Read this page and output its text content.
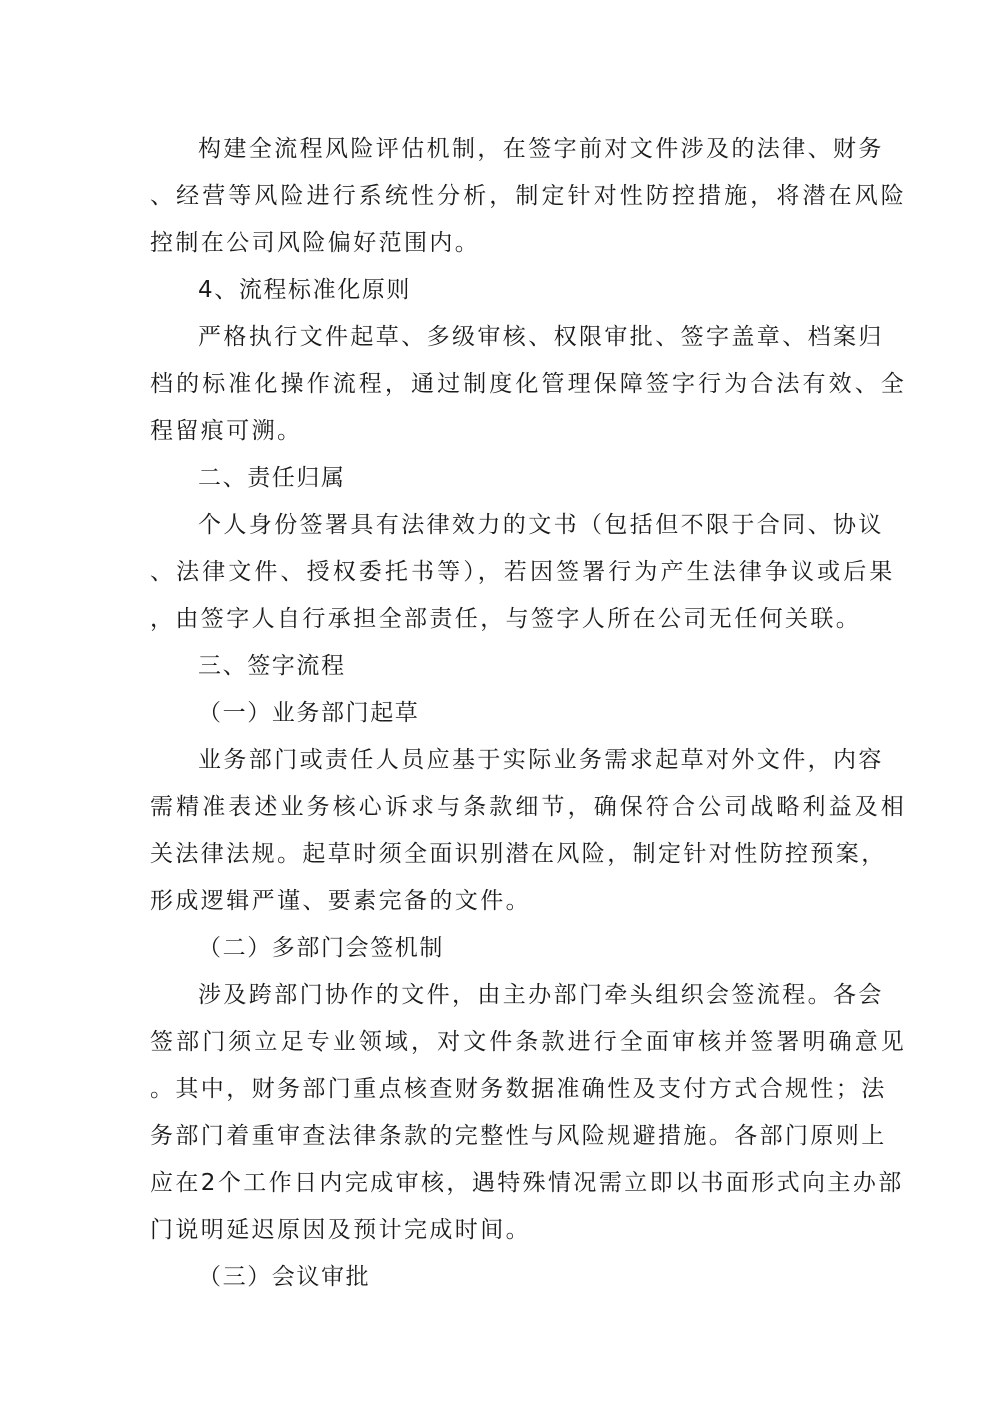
构建全流程风险评估机制，在签字前对文件涉及的法律、财务

、经营等风险进行系统性分析，制定针对性防控措施，将潜在风险

控制在公司风险偏好范围内。

4、流程标准化原则

严格执行文件起草、多级审核、权限审批、签字盖章、档案归

档的标准化操作流程，通过制度化管理保障签字行为合法有效、全

程留痕可溯。

二、责任归属

个人身份签署具有法律效力的文书（包括但不限于合同、协议

、法律文件、授权委托书等），若因签署行为产生法律争议或后果

，由签字人自行承担全部责任，与签字人所在公司无任何关联。

三、签字流程

（一）业务部门起草

业务部门或责任人员应基于实际业务需求起草对外文件，内容

需精准表述业务核心诉求与条款细节，确保符合公司战略利益及相

关法律法规。起草时须全面识别潜在风险，制定针对性防控预案，

形成逻辑严谨、要素完备的文件。

（二）多部门会签机制

涉及跨部门协作的文件，由主办部门牵头组织会签流程。各会

签部门须立足专业领域，对文件条款进行全面审核并签署明确意见

。其中，财务部门重点核查财务数据准确性及支付方式合规性；法

务部门着重审查法律条款的完整性与风险规避措施。各部门原则上

应在2个工作日内完成审核，遇特殊情况需立即以书面形式向主办部

门说明延迟原因及预计完成时间。

（三）会议审批
